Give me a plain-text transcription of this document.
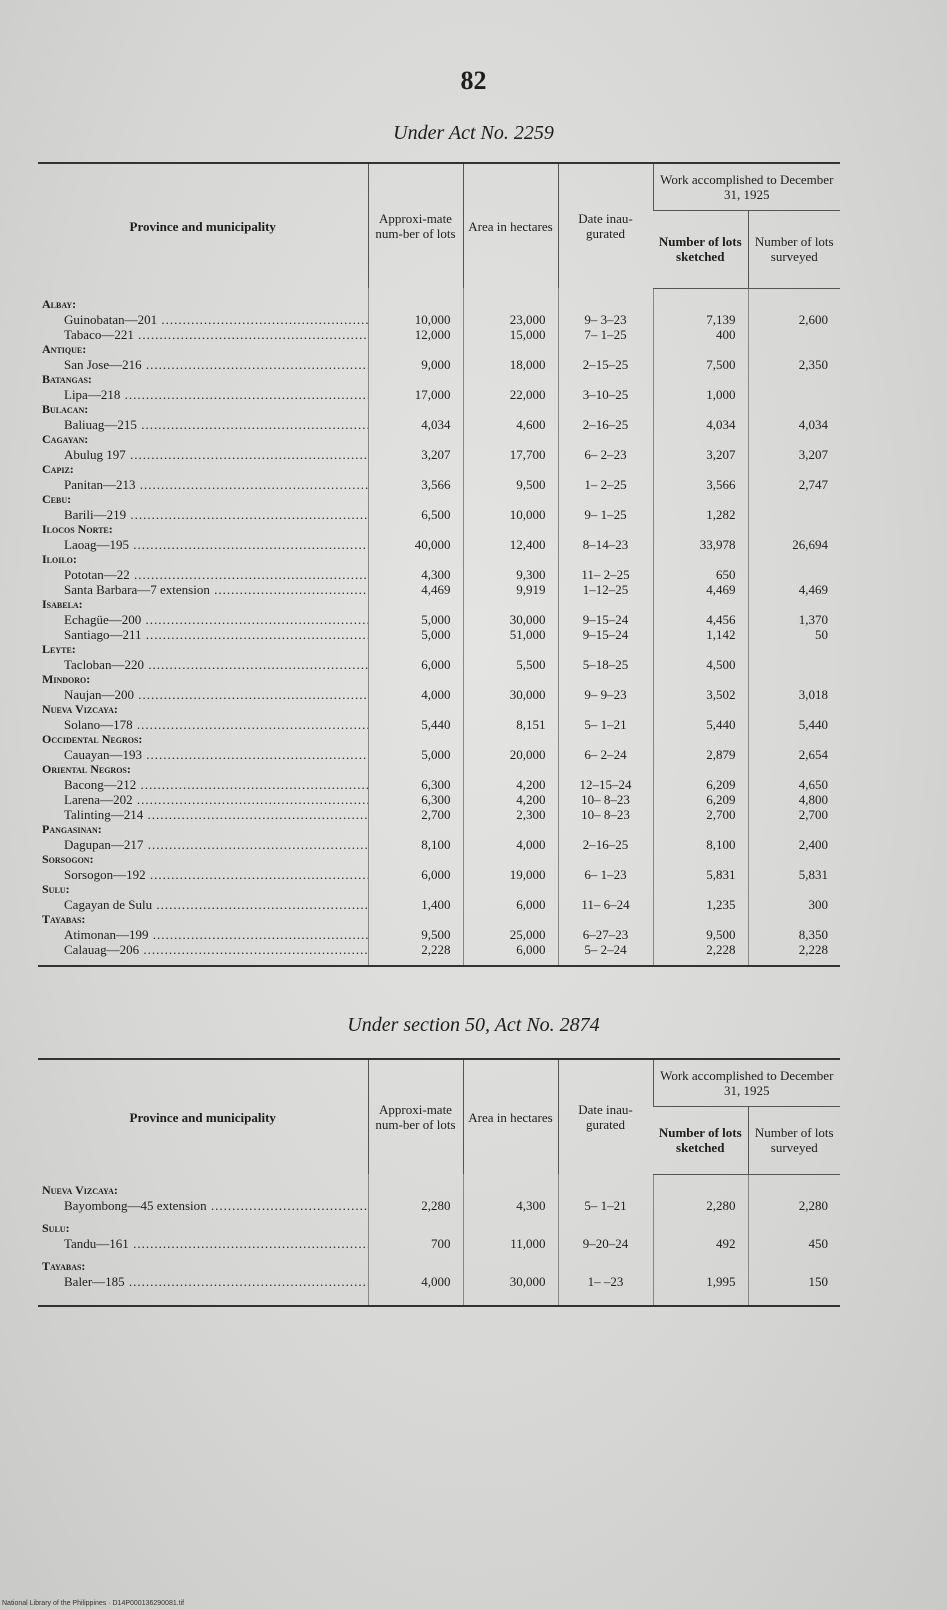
82
Under Act No. 2259
Province and municipality	Approxi-mate num-ber of lots	Area in hectares	Date inau-gurated	Work accomplished to December 31, 1925	
				Number of lots sketched	Number of lots surveyed

Albay:					
Guinobatan—201 .....	10,000	23,000	9– 3–23	7,139	2,600
Tabaco—221 .....	12,000	15,000	7– 1–25	400	
Antique:					
San Jose—216 .....	9,000	18,000	2–15–25	7,500	2,350
Batangas:					
Lipa—218 .....	17,000	22,000	3–10–25	1,000	
Bulacan:					
Baliuag—215 .....	4,034	4,600	2–16–25	4,034	4,034
Cagayan:					
Abulug 197 .....	3,207	17,700	6– 2–23	3,207	3,207
Capiz:					
Panitan—213 .....	3,566	9,500	1– 2–25	3,566	2,747
Cebu:					
Barili—219 .....	6,500	10,000	9– 1–25	1,282	
Ilocos Norte:					
Laoag—195 .....	40,000	12,400	8–14–23	33,978	26,694
Iloilo:					
Pototan—22 .....	4,300	9,300	11– 2–25	650	
Santa Barbara—7 extension .....	4,469	9,919	1–12–25	4,469	4,469
Isabela:					
Echagüe—200 .....	5,000	30,000	9–15–24	4,456	1,370
Santiago—211 .....	5,000	51,000	9–15–24	1,142	50
Leyte:					
Tacloban—220 .....	6,000	5,500	5–18–25	4,500	
Mindoro:					
Naujan—200 .....	4,000	30,000	9– 9–23	3,502	3,018
Nueva Vizcaya:					
Solano—178 .....	5,440	8,151	5– 1–21	5,440	5,440
Occidental Negros:					
Cauayan—193 .....	5,000	20,000	6– 2–24	2,879	2,654
Oriental Negros:					
Bacong—212 .....	6,300	4,200	12–15–24	6,209	4,650
Larena—202 .....	6,300	4,200	10– 8–23	6,209	4,800
Talinting—214 .....	2,700	2,300	10– 8–23	2,700	2,700
Pangasinan:					
Dagupan—217 .....	8,100	4,000	2–16–25	8,100	2,400
Sorsogon:					
Sorsogon—192 .....	6,000	19,000	6– 1–23	5,831	5,831
Sulu:					
Cagayan de Sulu .....	1,400	6,000	11– 6–24	1,235	300
Tayabas:					
Atimonan—199 .....	9,500	25,000	6–27–23	9,500	8,350
Calauag—206 .....	2,228	6,000	5– 2–24	2,228	2,228

Under section 50, Act No. 2874
Province and municipality	Approxi-mate num-ber of lots	Area in hectares	Date inau-gurated	Work accomplished to December 31, 1925	
				Number of lots sketched	Number of lots surveyed

Nueva Vizcaya:					
Bayombong—45 extension .....	2,280	4,300	5– 1–21	2,280	2,280

Sulu:					
Tandu—161 .....	700	11,000	9–20–24	492	450

Tayabas:					
Baler—185 .....	4,000	30,000	1– –23	1,995	150

National Library of the Philippines · D14P000136290081.tif
